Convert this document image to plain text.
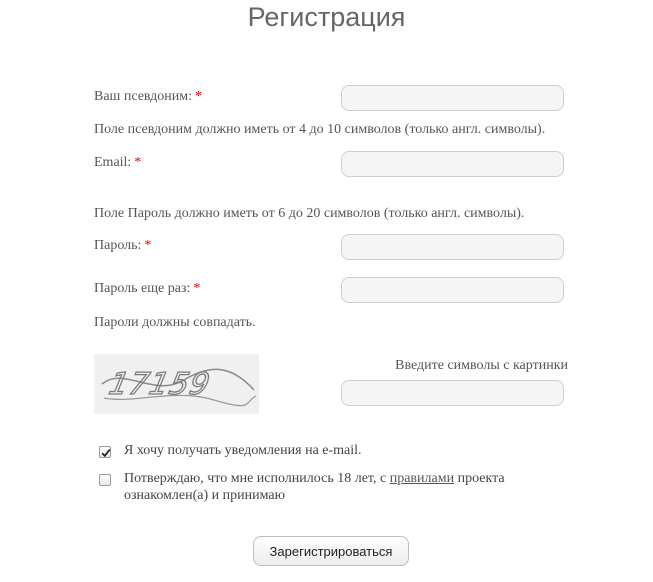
Регистрация
Ваш псевдоним: *
Поле псевдоним должно иметь от 4 до 10 символов (только англ. символы).
Email: *
Поле Пароль должно иметь от 6 до 20 символов (только англ. символы).
Пароль: *
Пароль еще раз: *
Пароли должны совпадать.
17159
Введите символы с картинки
Я хочу получать уведомления на e-mail.
Потверждаю, что мне исполнилось 18 лет, с правилами проекта
ознакомлен(а) и принимаю
Зарегистрироваться
